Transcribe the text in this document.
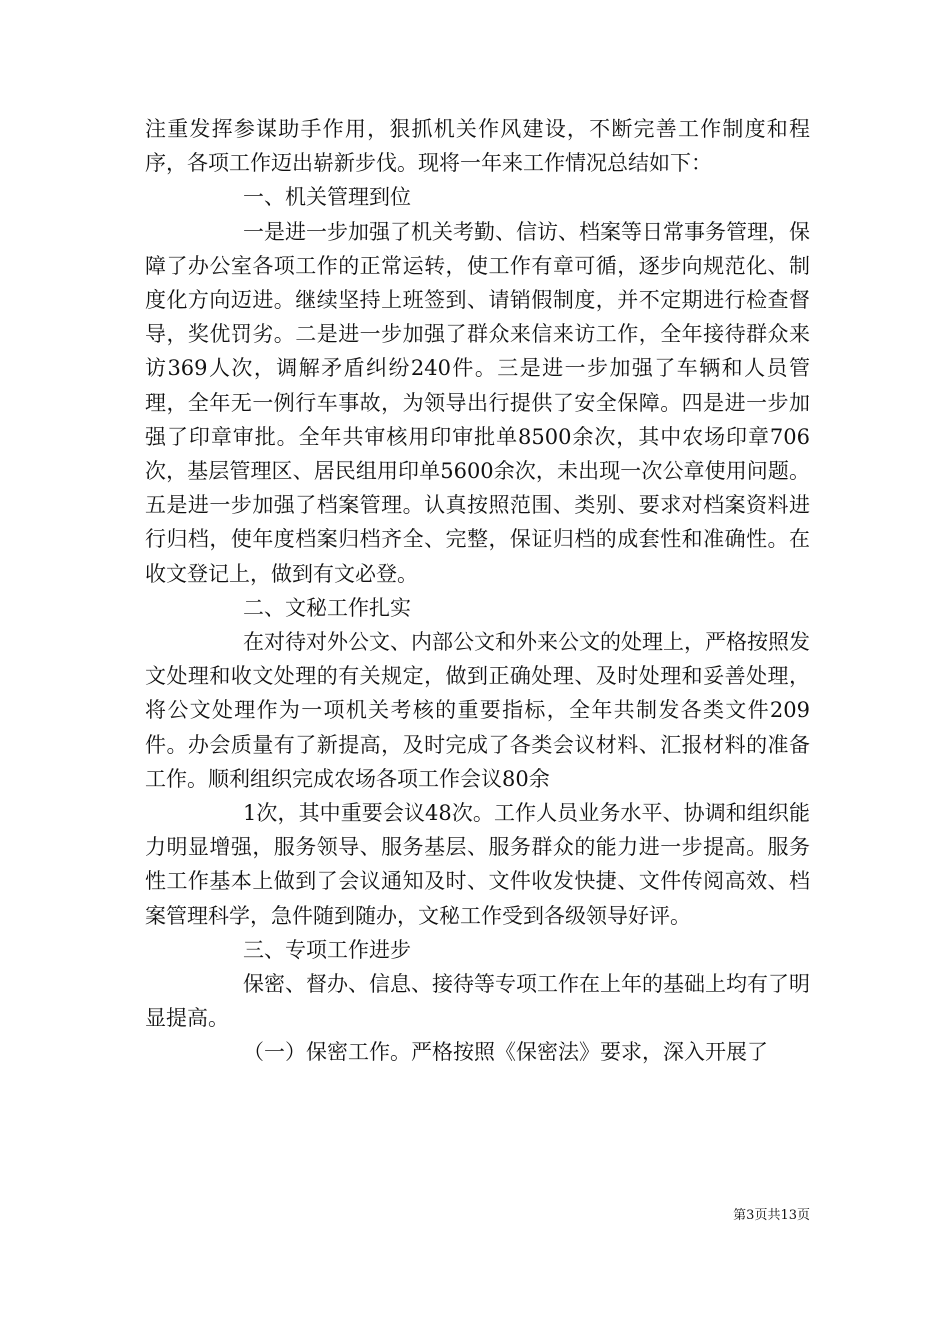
注重发挥参谋助手作用，狠抓机关作风建设，不断完善工作制度和程序，各项工作迈出崭新步伐。现将一年来工作情况总结如下：

一、机关管理到位

一是进一步加强了机关考勤、信访、档案等日常事务管理，保障了办公室各项工作的正常运转，使工作有章可循，逐步向规范化、制度化方向迈进。继续坚持上班签到、请销假制度，并不定期进行检查督导，奖优罚劣。二是进一步加强了群众来信来访工作，全年接待群众来访369人次，调解矛盾纠纷240件。三是进一步加强了车辆和人员管理，全年无一例行车事故，为领导出行提供了安全保障。四是进一步加强了印章审批。全年共审核用印审批单8500余次，其中农场印章706次，基层管理区、居民组用印单5600余次，未出现一次公章使用问题。五是进一步加强了档案管理。认真按照范围、类别、要求对档案资料进行归档，使年度档案归档齐全、完整，保证归档的成套性和准确性。在收文登记上，做到有文必登。

二、文秘工作扎实

在对待对外公文、内部公文和外来公文的处理上，严格按照发文处理和收文处理的有关规定，做到正确处理、及时处理和妥善处理，将公文处理作为一项机关考核的重要指标，全年共制发各类文件209件。办会质量有了新提高，及时完成了各类会议材料、汇报材料的准备工作。顺利组织完成农场各项工作会议80余

1次，其中重要会议48次。工作人员业务水平、协调和组织能力明显增强，服务领导、服务基层、服务群众的能力进一步提高。服务性工作基本上做到了会议通知及时、文件收发快捷、文件传阅高效、档案管理科学，急件随到随办，文秘工作受到各级领导好评。

三、专项工作进步

保密、督办、信息、接待等专项工作在上年的基础上均有了明显提高。

（一）保密工作。严格按照《保密法》要求，深入开展了

第3页共13页
